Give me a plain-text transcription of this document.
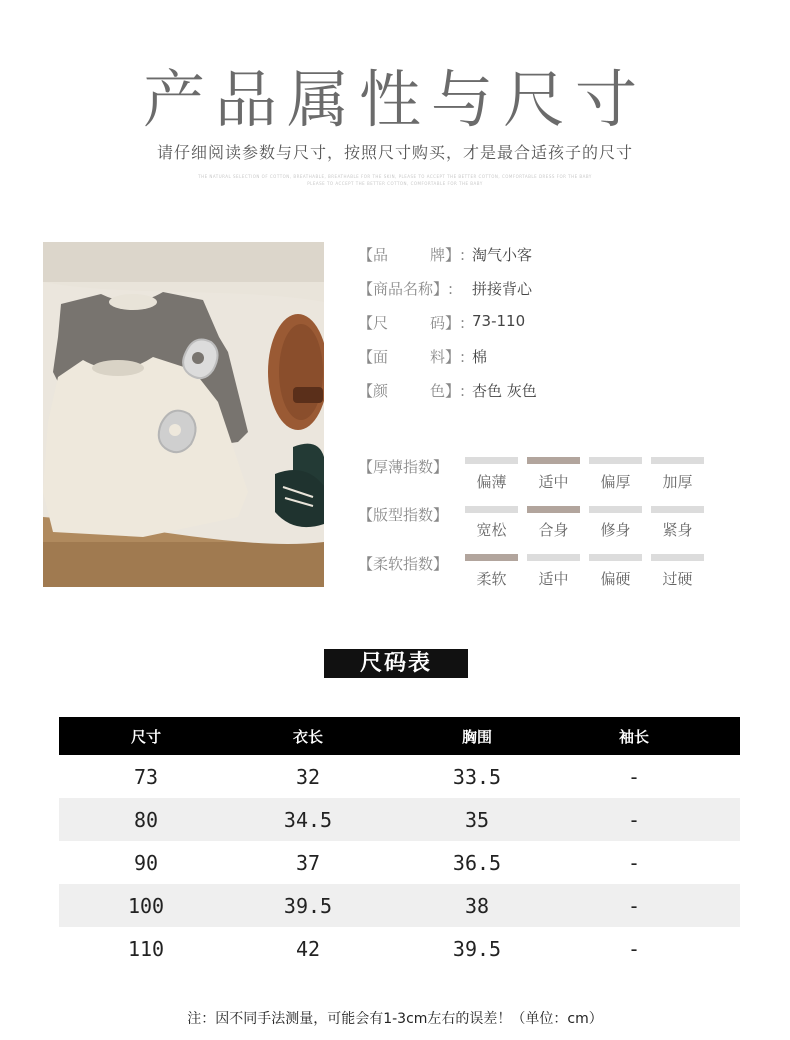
产品属性与尺寸
请仔细阅读参数与尺寸，按照尺寸购买，才是最合适孩子的尺寸
THE NATURAL SELECTION OF COTTON, BREATHABLE, BREATHABLE FOR THE SKIN, PLEASE TO ACCEPT THE BETTER COTTON, COMFORTABLE DRESS FOR THE BABY
PLEASE TO ACCEPT THE BETTER COTTON, COMFORTABLE FOR THE BABY
【品	牌】: 淘气小客
【商品名称】:	拼接背心
【尺	码】: 73-110
【面	料】: 棉
【颜	色】: 杏色 灰色
【厚薄指数】
偏薄	适中	偏厚	加厚
【版型指数】
宽松	合身	修身	紧身
【柔软指数】
柔软	适中	偏硬	过硬
尺码表
尺寸	衣长	胸围	袖长
73	32	33.5	-
80	34.5	35	-
90	37	36.5	-
100	39.5	38	-
110	42	39.5	-
注：因不同手法测量，可能会有1-3cm左右的误差！（单位：cm）
